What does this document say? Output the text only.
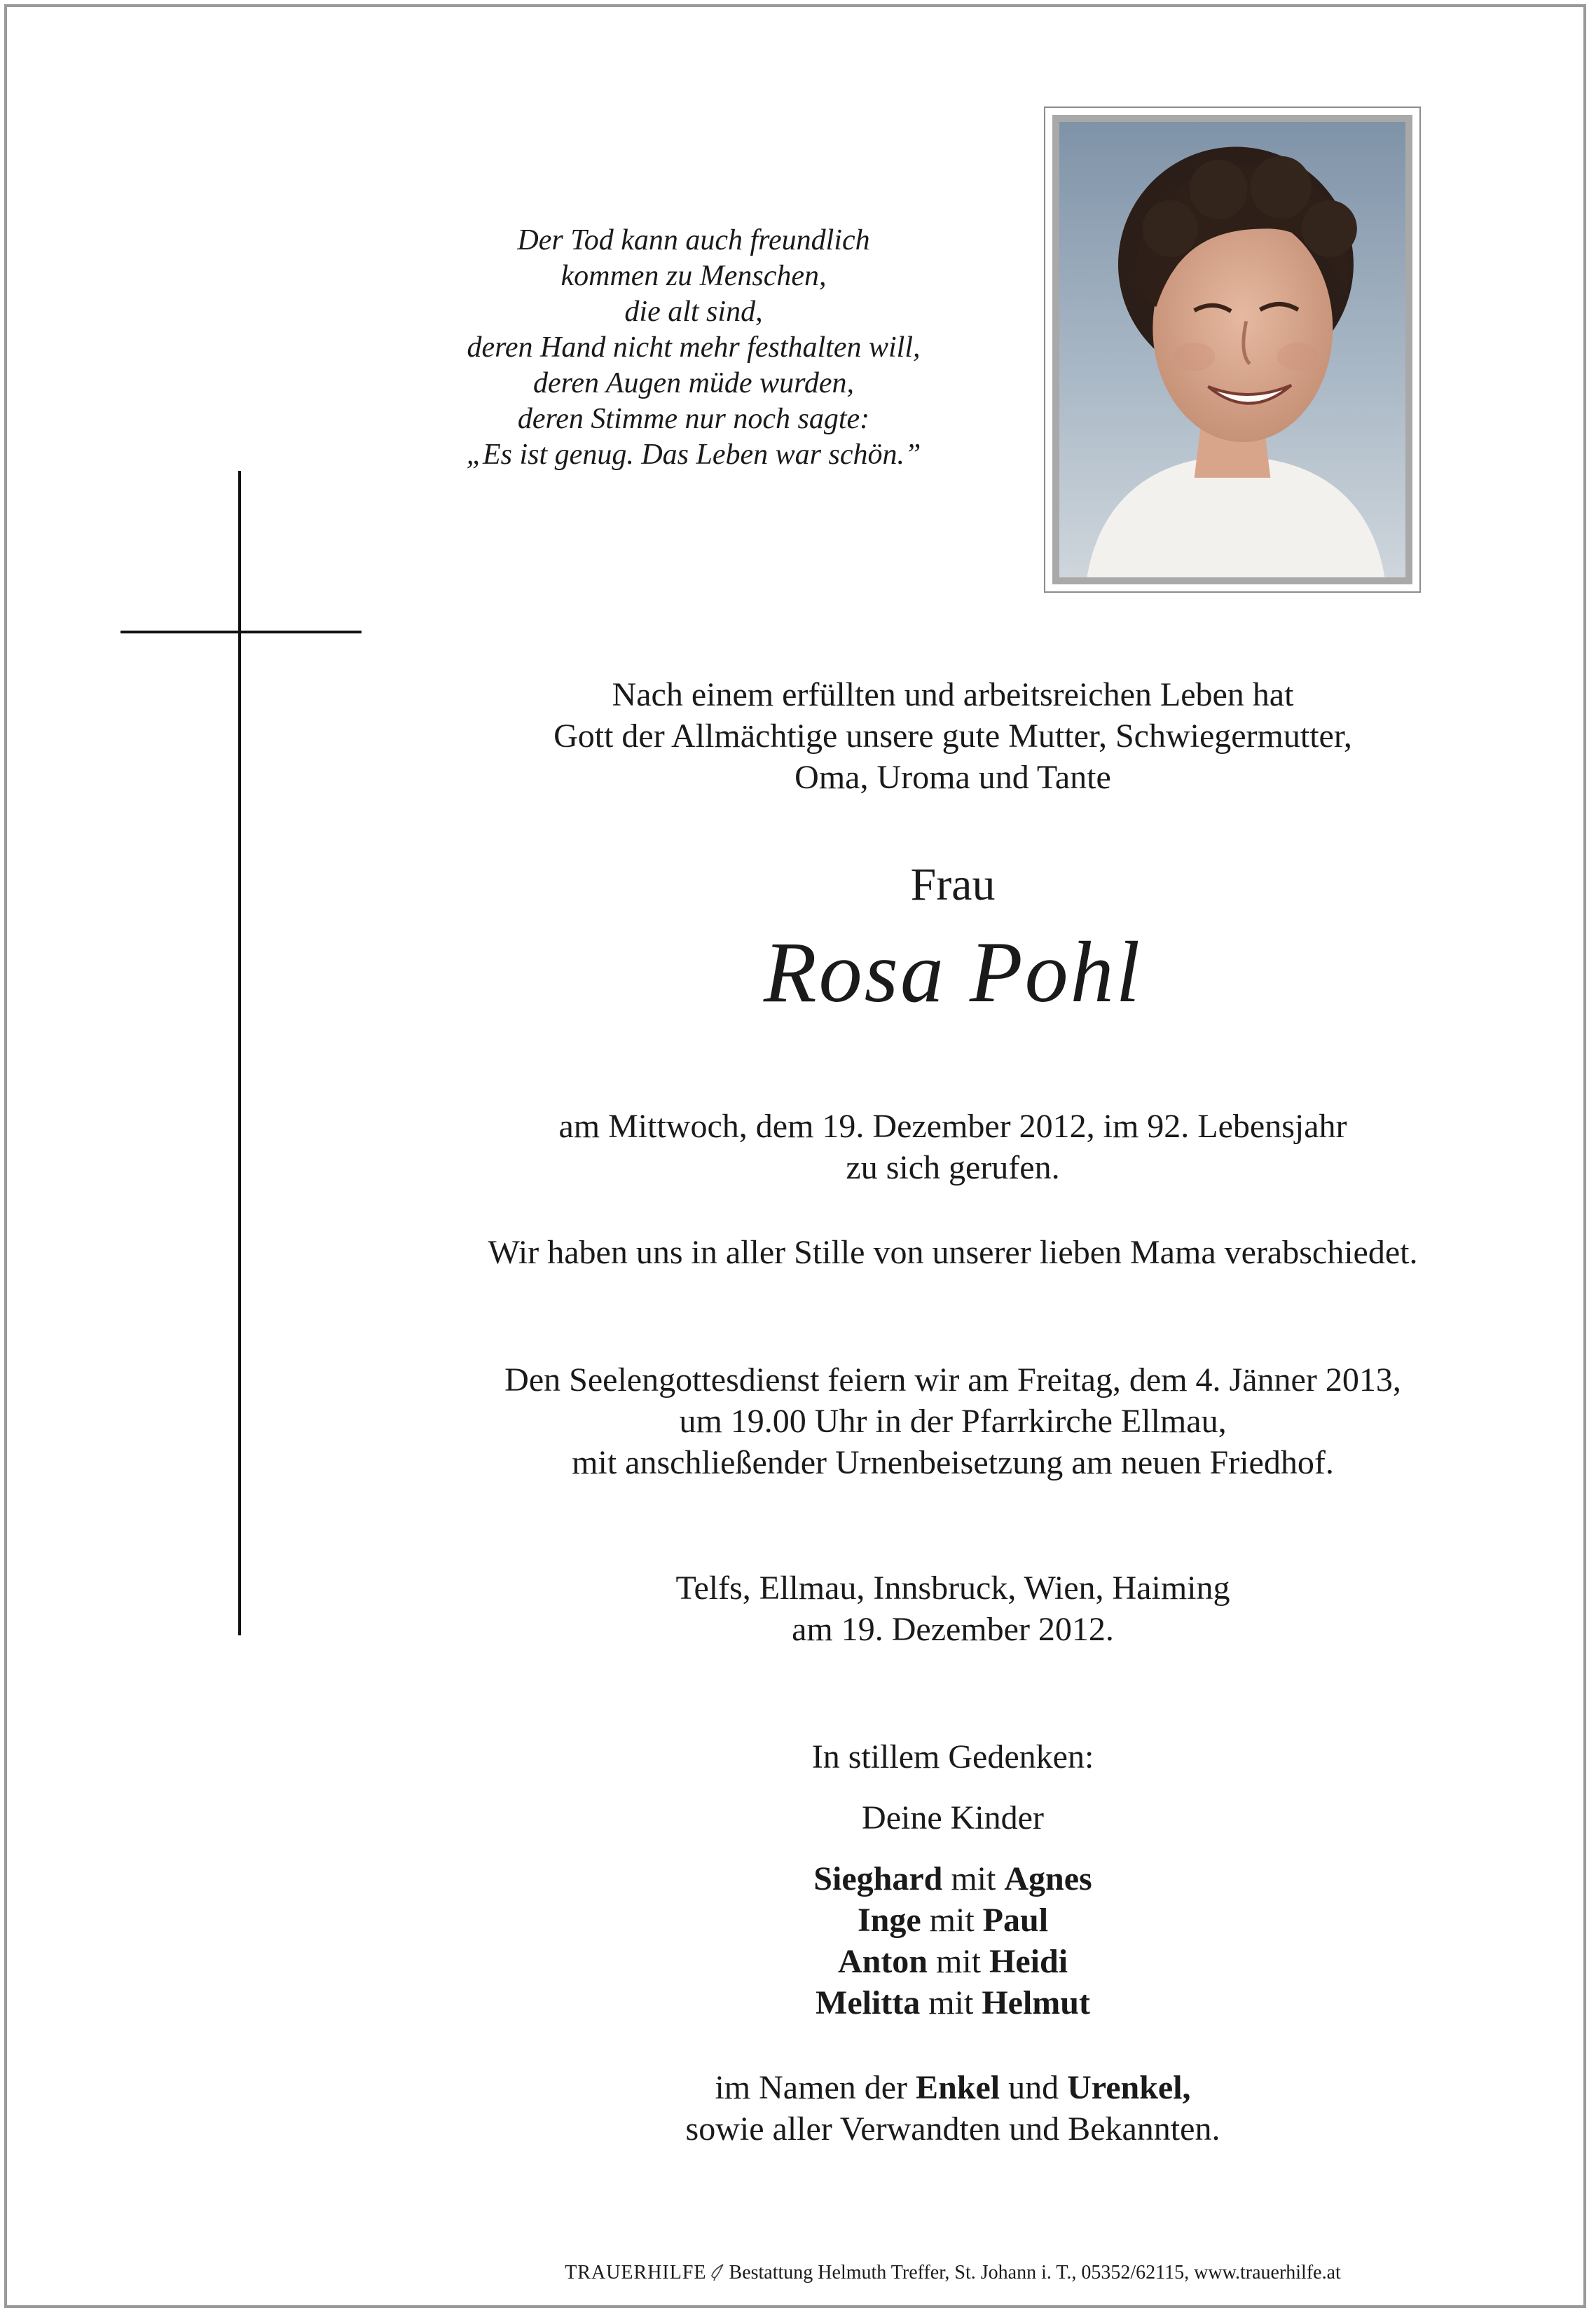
Der Tod kann auch freundlich
kommen zu Menschen,
die alt sind,
deren Hand nicht mehr festhalten will,
deren Augen müde wurden,
deren Stimme nur noch sagte:
„Es ist genug. Das Leben war schön.”
Nach einem erfüllten und arbeitsreichen Leben hat
Gott der Allmächtige unsere gute Mutter, Schwiegermutter,
Oma, Uroma und Tante
Frau
Rosa Pohl
am Mittwoch, dem 19. Dezember 2012, im 92. Lebensjahr
zu sich gerufen.
Wir haben uns in aller Stille von unserer lieben Mama verabschiedet.
Den Seelengottesdienst feiern wir am Freitag, dem 4. Jänner 2013,
um 19.00 Uhr in der Pfarrkirche Ellmau,
mit anschließender Urnenbeisetzung am neuen Friedhof.
Telfs, Ellmau, Innsbruck, Wien, Haiming
am 19. Dezember 2012.
In stillem Gedenken:
Deine Kinder
Sieghard mit Agnes
Inge mit Paul
Anton mit Heidi
Melitta mit Helmut
im Namen der Enkel und Urenkel,
sowie aller Verwandten und Bekannten.
TRAUERHILFE Bestattung Helmuth Treffer, St. Johann i. T., 05352/62115, www.trauerhilfe.at
